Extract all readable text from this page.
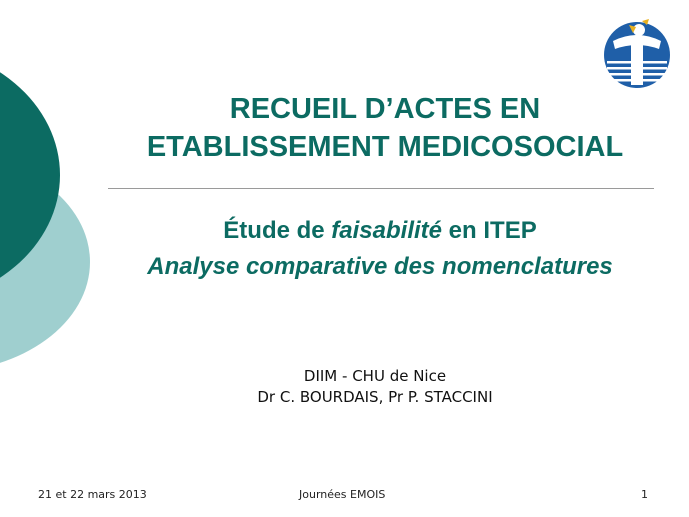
RECUEIL D’ACTES EN
ETABLISSEMENT MEDICOSOCIAL
Étude de faisabilité en ITEP
Analyse comparative des nomenclatures
DIIM - CHU de Nice
Dr C. BOURDAIS, Pr P. STACCINI
21 et 22 mars 2013	Journées EMOIS	1
